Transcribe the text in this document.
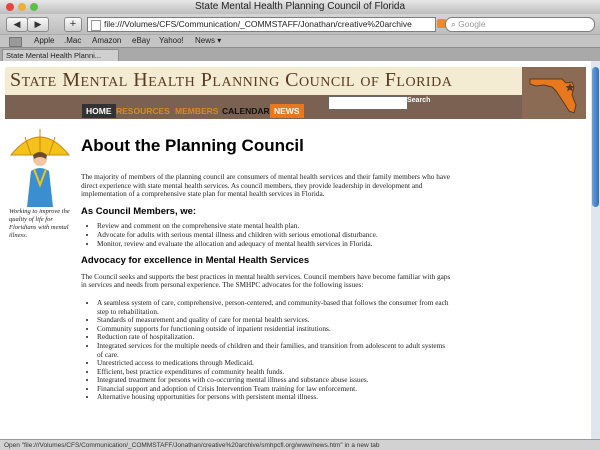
State Mental Health Planning Council of Florida
◀	▶	+	file:///Volumes/CFS/Communication/_COMMSTAFF/Jonathan/creative%20archive	⌕ Google
Apple .Mac Amazon eBay Yahoo! News ▾
State Mental Health Planni...
State Mental Health Planning Council of Florida
Search
HOME RESOURCES MEMBERS CALENDAR NEWS
Working to improve the quality of life for Floridians with mental illness.
About the Planning Council

The majority of members of the planning council are consumers of mental health services and their family members who have direct experience with state mental health services. As council members, they provide leadership in development and implementation of a comprehensive state plan for mental health services in Florida.

As Council Members, we:
• Review and comment on the comprehensive state mental health plan.
• Advocate for adults with serious mental illness and children with serious emotional disturbance.
• Monitor, review and evaluate the allocation and adequacy of mental health services in Florida.
Advocacy for excellence in Mental Health Services

The Council seeks and supports the best practices in mental health services. Council members have become familiar with gaps in services and needs from personal experience. The SMHPC advocates for the following issues:

• A seamless system of care, comprehensive, person-centered, and community-based that follows the consumer from each step to rehabilitation.
• Standards of measurement and quality of care for mental health services.
• Community supports for functioning outside of inpatient residential institutions.
• Reduction rate of hospitalization.
• Integrated services for the multiple needs of children and their families, and transition from adolescent to adult systems of care.
• Unrestricted access to medications through Medicaid.
• Efficient, best practice expenditures of community health funds.
• Integrated treatment for persons with co-occurring mental illness and substance abuse issues.
• Financial support and adoption of Crisis Intervention Team training for law enforcement.
• Alternative housing opportunities for persons with persistent mental illness.
Open "file:///Volumes/CFS/Communication/_COMMSTAFF/Jonathan/creative%20archive/smhpcfl.org/www/news.htm" in a new tab
